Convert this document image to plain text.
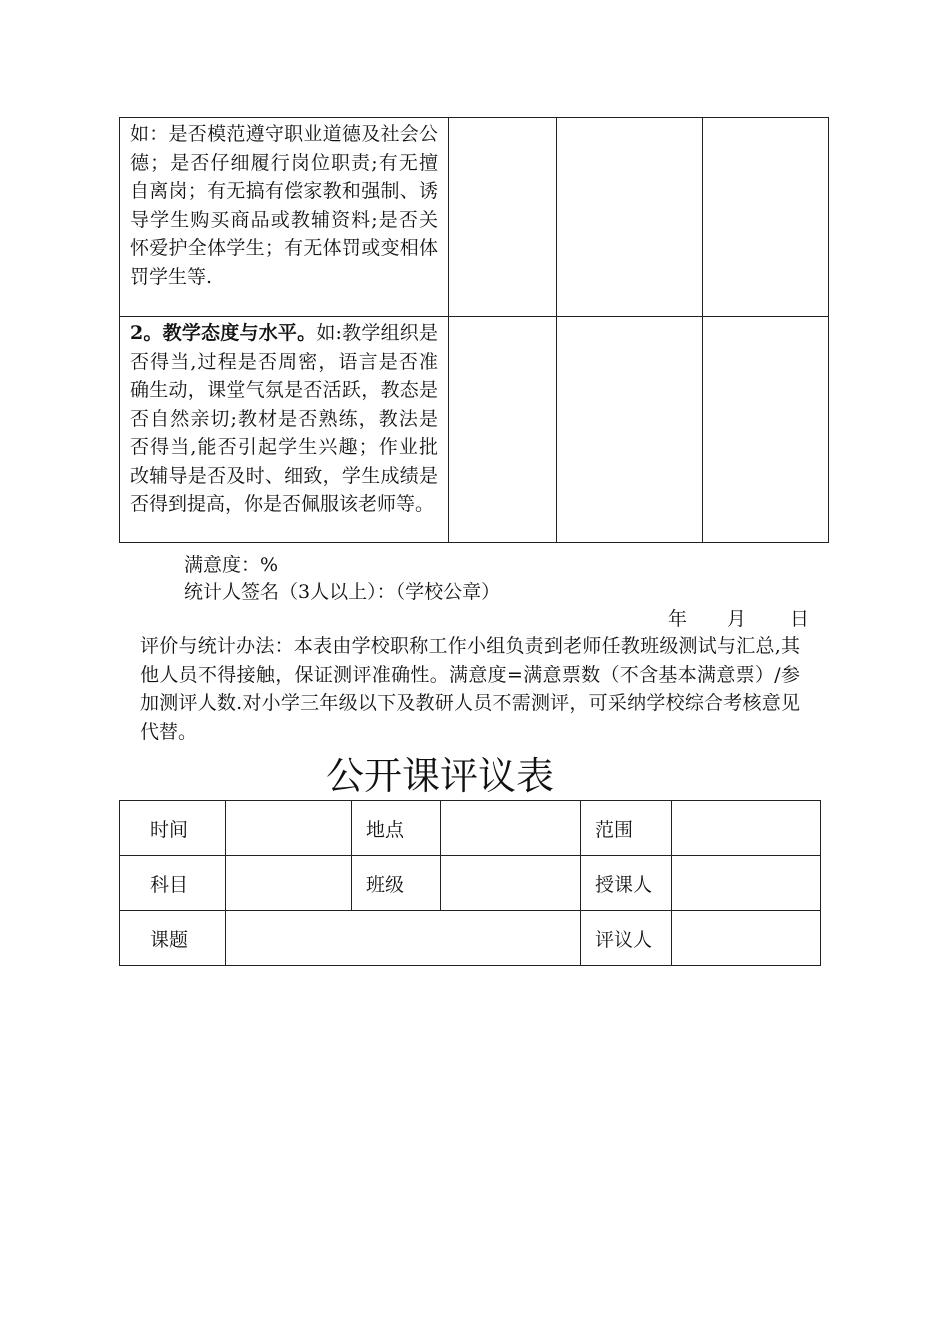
如：是否模范遵守职业道德及社会公德；是否仔细履行岗位职责;有无擅自离岗；有无搞有偿家教和强制、诱导学生购买商品或教辅资料;是否关怀爱护全体学生；有无体罚或变相体罚学生等.			
2。教学态度与水平。如:教学组织是否得当,过程是否周密，语言是否准确生动，课堂气氛是否活跃，教态是否自然亲切;教材是否熟练，教法是否得当,能否引起学生兴趣；作业批改辅导是否及时、细致，学生成绩是否得到提高，你是否佩服该老师等。			
满意度：%
统计人签名（3人以上）：（学校公章）
年 月 日
评价与统计办法：本表由学校职称工作小组负责到老师任教班级测试与汇总,其他人员不得接触，保证测评准确性。满意度=满意票数（不含基本满意票）/参加测评人数.对小学三年级以下及教研人员不需测评，可采纳学校综合考核意见代替。
公开课评议表
时间		地点		范围	
科目		班级		授课人	
课题				评议人	
